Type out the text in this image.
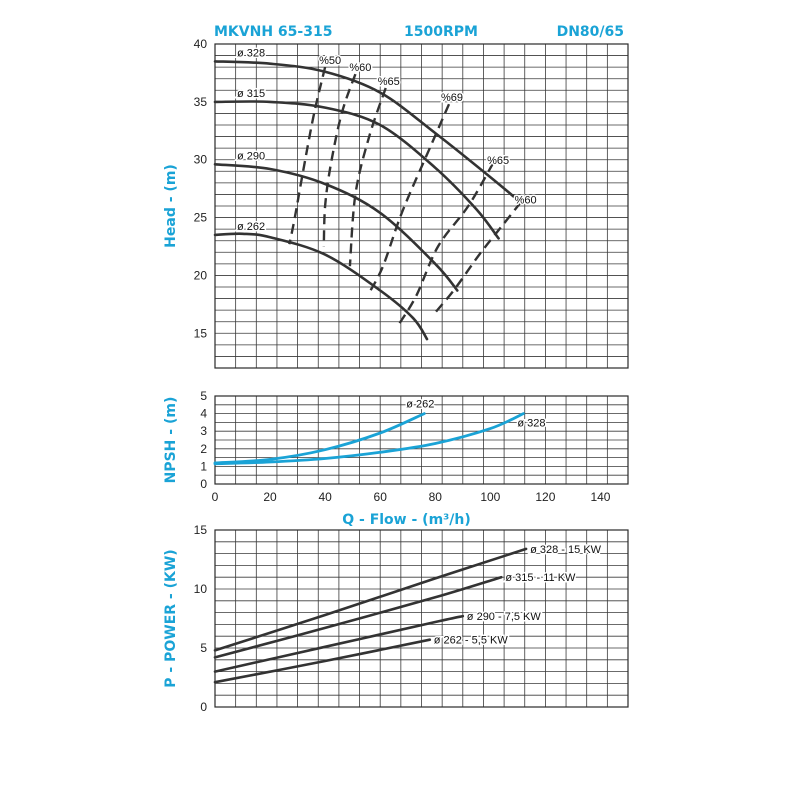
MKVNH 65-315	1500RPM	DN80/65
15
20
25
30
35
40
Head - (m)
ø 328
ø 315
ø 290
ø 262
%50
%60
%65
%69
%65
%60
0
1
2
3
4
5
0	20	40	60	80	100	120	140
NPSH - (m)
Q - Flow - (m³/h)
ø 262
ø 328
0
5
10
15
P - POWER - (KW)	ø 328 - 15 KW
ø 315 - 11 KW
ø 290 - 7,5 KW
ø 262 - 5,5 KW
